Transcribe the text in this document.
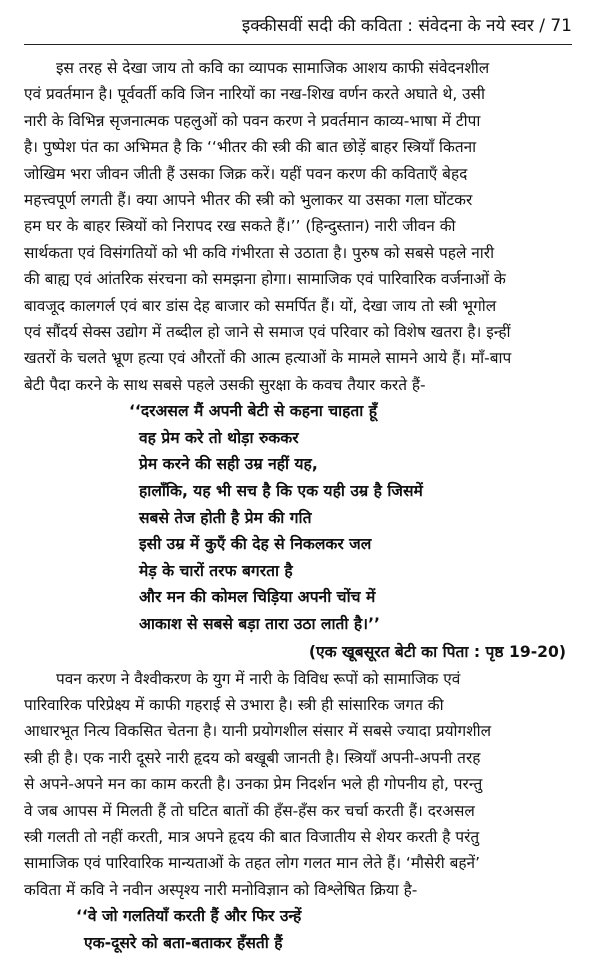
इक्कीसवीं सदी की कविता : संवेदना के नये स्वर / 71
इस तरह से देखा जाय तो कवि का व्यापक सामाजिक आशय काफी संवेदनशील
एवं प्रवर्तमान है। पूर्ववर्ती कवि जिन नारियों का नख-शिख वर्णन करते अघाते थे, उसी
नारी के विभिन्न सृजनात्मक पहलुओं को पवन करण ने प्रवर्तमान काव्य-भाषा में टीपा
है। पुष्पेश पंत का अभिमत है कि ‘‘भीतर की स्त्री की बात छोड़ें बाहर स्त्रियाँ कितना
जोखिम भरा जीवन जीती हैं उसका जिक्र करें। यहीं पवन करण की कविताएँ बेहद
महत्त्वपूर्ण लगती हैं। क्या आपने भीतर की स्त्री को भुलाकर या उसका गला घोंटकर
हम घर के बाहर स्त्रियों को निरापद रख सकते हैं।’’ (हिन्दुस्तान) नारी जीवन की
सार्थकता एवं विसंगतियों को भी कवि गंभीरता से उठाता है। पुरुष को सबसे पहले नारी
की बाह्य एवं आंतरिक संरचना को समझना होगा। सामाजिक एवं पारिवारिक वर्जनाओं के
बावजूद कालगर्ल एवं बार डांस देह बाजार को समर्पित हैं। यों, देखा जाय तो स्त्री भूगोल
एवं सौंदर्य सेक्स उद्योग में तब्दील हो जाने से समाज एवं परिवार को विशेष खतरा है। इन्हीं
खतरों के चलते भ्रूण हत्या एवं औरतों की आत्म हत्याओं के मामले सामने आये हैं। माँ-बाप
बेटी पैदा करने के साथ सबसे पहले उसकी सुरक्षा के कवच तैयार करते हैं-
‘‘दरअसल मैं अपनी बेटी से कहना चाहता हूँ
वह प्रेम करे तो थोड़ा रुककर
प्रेम करने की सही उम्र नहीं यह,
हालाँकि, यह भी सच है कि एक यही उम्र है जिसमें
सबसे तेज होती है प्रेम की गति
इसी उम्र में कुएँ की देह से निकलकर जल
मेड़ के चारों तरफ बगरता है
और मन की कोमल चिड़िया अपनी चोंच में
आकाश से सबसे बड़ा तारा उठा लाती है।’’
(एक खूबसूरत बेटी का पिता : पृष्ठ 19-20)
पवन करण ने वैश्वीकरण के युग में नारी के विविध रूपों को सामाजिक एवं
पारिवारिक परिप्रेक्ष्य में काफी गहराई से उभारा है। स्त्री ही सांसारिक जगत की
आधारभूत नित्य विकसित चेतना है। यानी प्रयोगशील संसार में सबसे ज्यादा प्रयोगशील
स्त्री ही है। एक नारी दूसरे नारी हृदय को बखूबी जानती है। स्त्रियाँ अपनी-अपनी तरह
से अपने-अपने मन का काम करती है। उनका प्रेम निदर्शन भले ही गोपनीय हो, परन्तु
वे जब आपस में मिलती हैं तो घटित बातों की हँस-हँस कर चर्चा करती हैं। दरअसल
स्त्री गलती तो नहीं करती, मात्र अपने हृदय की बात विजातीय से शेयर करती है परंतु
सामाजिक एवं पारिवारिक मान्यताओं के तहत लोग गलत मान लेते हैं। ‘मौसेरी बहनें’
कविता में कवि ने नवीन अस्पृश्य नारी मनोविज्ञान को विश्लेषित क्रिया है-
‘‘वे जो गलतियाँ करती हैं और फिर उन्हें
एक-दूसरे को बता-बताकर हँसती हैं
